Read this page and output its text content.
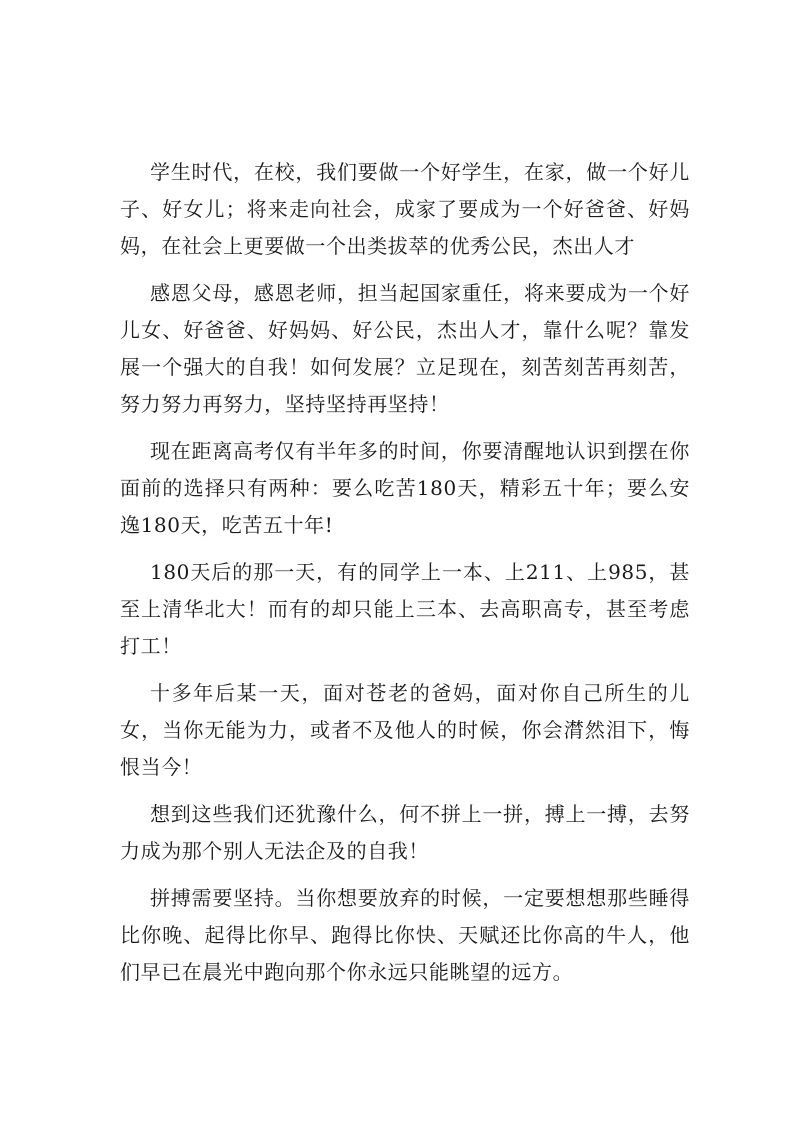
学生时代，在校，我们要做一个好学生，在家，做一个好儿子、好女儿；将来走向社会，成家了要成为一个好爸爸、好妈妈，在社会上更要做一个出类拔萃的优秀公民，杰出人才

感恩父母，感恩老师，担当起国家重任，将来要成为一个好儿女、好爸爸、好妈妈、好公民，杰出人才，靠什么呢？靠发展一个强大的自我！如何发展？立足现在，刻苦刻苦再刻苦，努力努力再努力，坚持坚持再坚持！

现在距离高考仅有半年多的时间，你要清醒地认识到摆在你面前的选择只有两种：要么吃苦180天，精彩五十年；要么安逸180天，吃苦五十年!

180天后的那一天，有的同学上一本、上211、上985，甚至上清华北大！而有的却只能上三本、去高职高专，甚至考虑打工！

十多年后某一天，面对苍老的爸妈，面对你自己所生的儿女，当你无能为力，或者不及他人的时候，你会潸然泪下，悔恨当今！

想到这些我们还犹豫什么，何不拼上一拼，搏上一搏，去努力成为那个别人无法企及的自我！

拼搏需要坚持。当你想要放弃的时候，一定要想想那些睡得比你晚、起得比你早、跑得比你快、天赋还比你高的牛人，他们早已在晨光中跑向那个你永远只能眺望的远方。
